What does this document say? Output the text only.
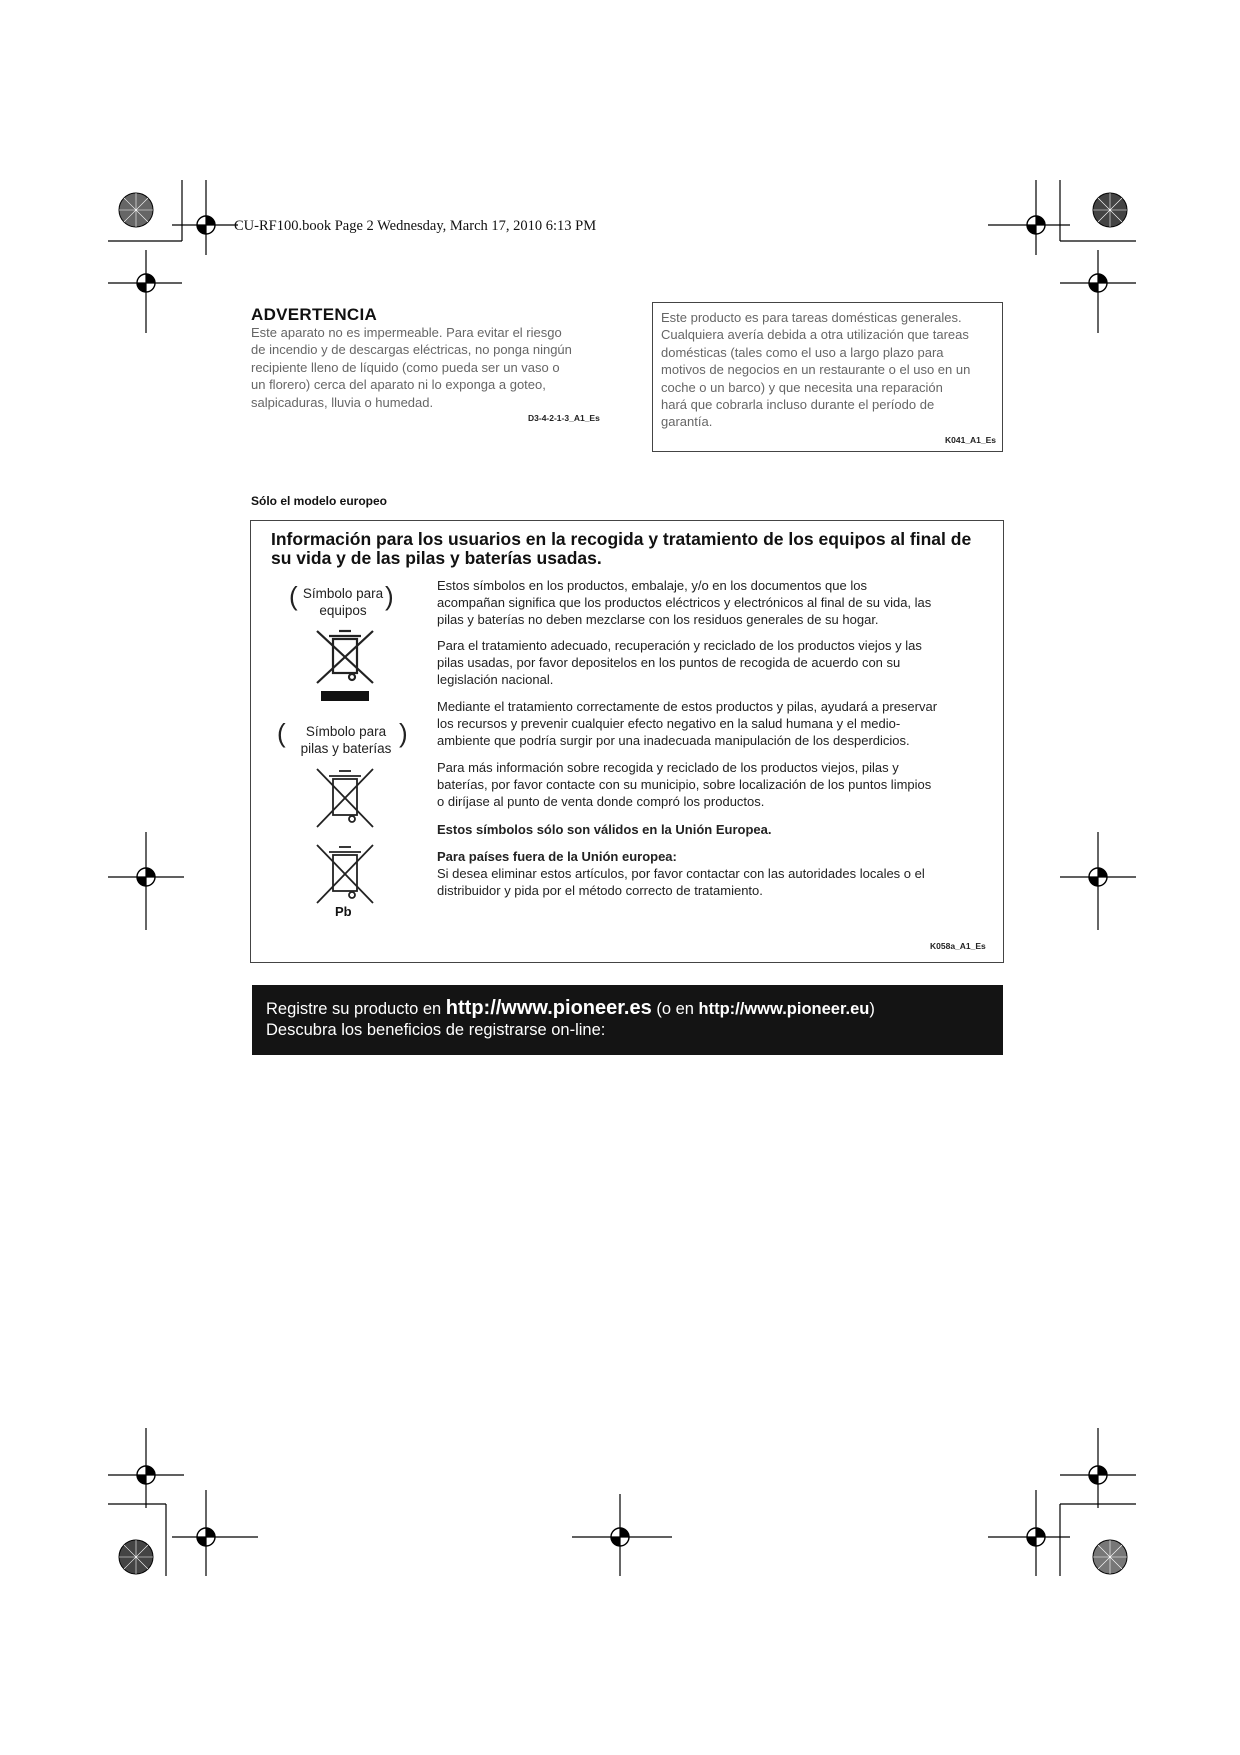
CU-RF100.book Page 2 Wednesday, March 17, 2010 6:13 PM
ADVERTENCIA
Este aparato no es impermeable. Para evitar el riesgo
de incendio y de descargas eléctricas, no ponga ningún
recipiente lleno de líquido (como pueda ser un vaso o
un florero) cerca del aparato ni lo exponga a goteo,
salpicaduras, lluvia o humedad.
D3-4-2-1-3_A1_Es
Este producto es para tareas domésticas generales.
Cualquiera avería debida a otra utilización que tareas
domésticas (tales como el uso a largo plazo para
motivos de negocios en un restaurante o el uso en un
coche o un barco) y que necesita una reparación
hará que cobrarla incluso durante el período de
garantía.
K041_A1_Es
Sólo el modelo europeo
Información para los usuarios en la recogida y tratamiento de los equipos al final de
su vida y de las pilas y baterías usadas.
( Símbolo para
equipos )
(	Símbolo para
pilas y baterías
)
Pb
Estos símbolos en los productos, embalaje, y/o en los documentos que los
acompañan significa que los productos eléctricos y electrónicos al final de su vida, las
pilas y baterías no deben mezclarse con los residuos generales de su hogar.
Para el tratamiento adecuado, recuperación y reciclado de los productos viejos y las
pilas usadas, por favor depositelos en los puntos de recogida de acuerdo con su
legislación nacional.
Mediante el tratamiento correctamente de estos productos y pilas, ayudará a preservar
los recursos y prevenir cualquier efecto negativo en la salud humana y el medio-
ambiente que podría surgir por una inadecuada manipulación de los desperdicios.
Para más información sobre recogida y reciclado de los productos viejos, pilas y
baterías, por favor contacte con su municipio, sobre localización de los puntos limpios
o diríjase al punto de venta donde compró los productos.
Estos símbolos sólo son válidos en la Unión Europea.
Para países fuera de la Unión europea:
Si desea eliminar estos artículos, por favor contactar con las autoridades locales o el
distribuidor y pida por el método correcto de tratamiento.
K058a_A1_Es
Registre su producto en http://www.pioneer.es (o en http://www.pioneer.eu)
Descubra los beneficios de registrarse on-line:
